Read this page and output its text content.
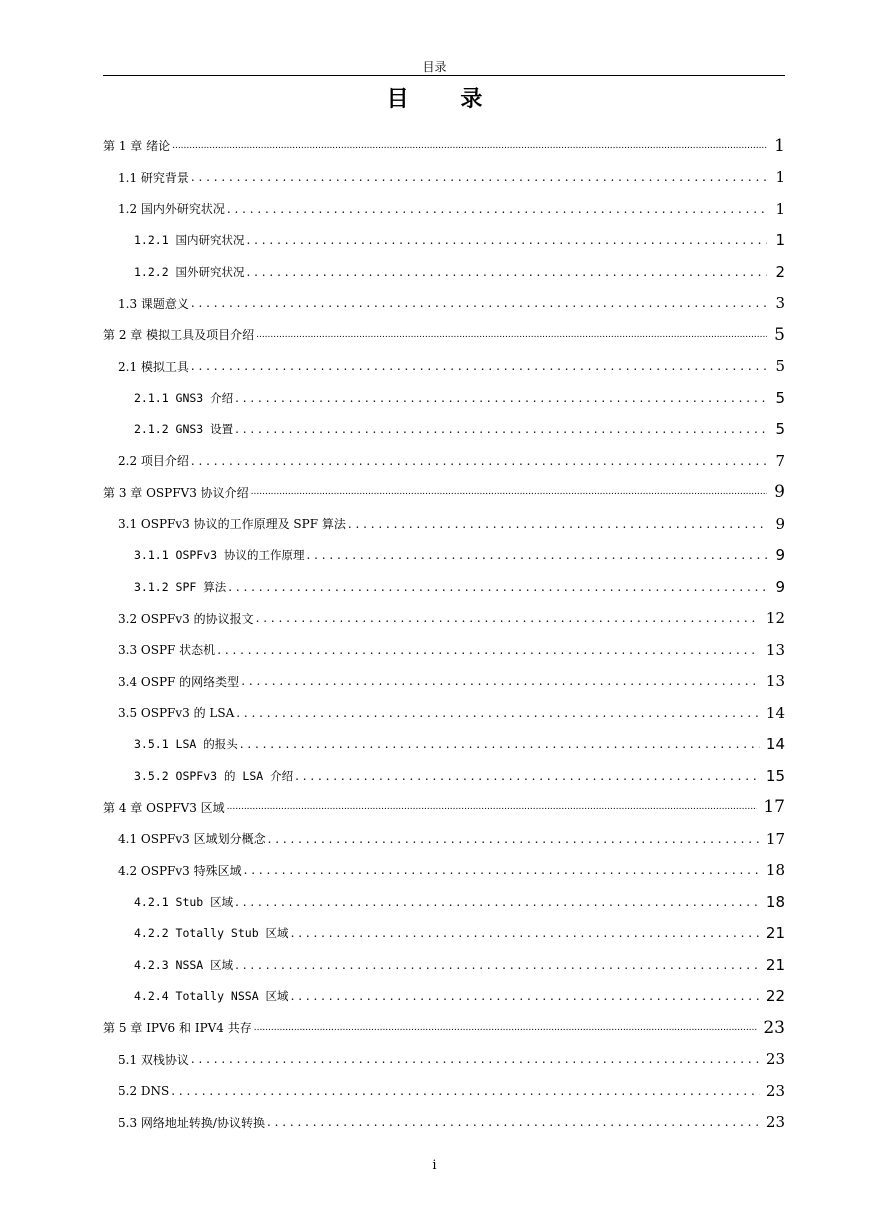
目录
目 录
第 1 章 绪论 .....	1
1.1 研究背景 . . .	1
1.2 国内外研究状况 . . .	1
1.2.1 国内研究状况 . . .	1
1.2.2 国外研究状况 . . .	2
1.3 课题意义 . . .	3
第 2 章 模拟工具及项目介绍 .....	5
2.1 模拟工具 . . .	5
2.1.1 GNS3 介绍 . . .	5
2.1.2 GNS3 设置 . . .	5
2.2 项目介绍 . . .	7
第 3 章 OSPFV3 协议介绍 .....	9
3.1 OSPFv3 协议的工作原理及 SPF 算法 . . .	9
3.1.1 OSPFv3 协议的工作原理 . . .	9
3.1.2 SPF 算法 . . .	9
3.2 OSPFv3 的协议报文 . . .	12
3.3 OSPF 状态机 . . .	13
3.4 OSPF 的网络类型 . . .	13
3.5 OSPFv3 的 LSA . . .	14
3.5.1 LSA 的报头 . . .	14
3.5.2 OSPFv3 的 LSA 介绍 . . .	15
第 4 章 OSPFV3 区域 .....	17
4.1 OSPFv3 区域划分概念 . . .	17
4.2 OSPFv3 特殊区域 . . .	18
4.2.1 Stub 区域 . . .	18
4.2.2 Totally Stub 区域 . . .	21
4.2.3 NSSA 区域 . . .	21
4.2.4 Totally NSSA 区域 . . .	22
第 5 章 IPV6 和 IPV4 共存 .....	23
5.1 双栈协议 . . .	23
5.2 DNS . . .	23
5.3 网络地址转换/协议转换 . . .	23
i
